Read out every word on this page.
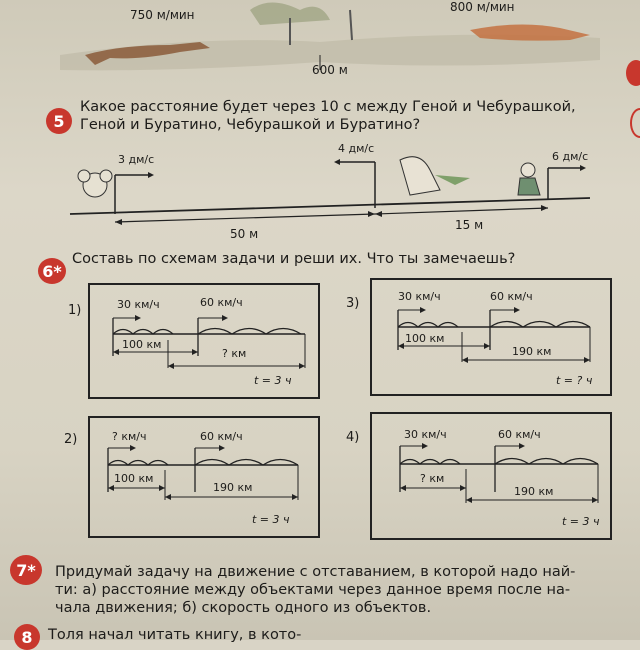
750 м/мин
800 м/мин
600 м
5
Какое расстояние будет через 10 с между Геной и Чебурашкой,
Геной и Буратино, Чебурашкой и Буратино?
3 дм/с
4 дм/с
6 дм/с
50 м
15 м
6*
Составь по схемам задачи и реши их. Что ты замечаешь?
1)	30 км/ч	60 км/ч
100 км
? км
t = 3 ч
3)	30 км/ч	60 км/ч
100 км
190 км
t = ? ч
2)	? км/ч	60 км/ч
100 км
190 км
t = 3 ч
4)	30 км/ч	60 км/ч
? км
190 км
t = 3 ч
7*	Придумай задачу на движение с отставанием, в которой надо най-
ти: а) расстояние между объектами через данное время после на-
чала движения; б) скорость одного из объектов.
8	Толя начал читать книгу, в кото-
